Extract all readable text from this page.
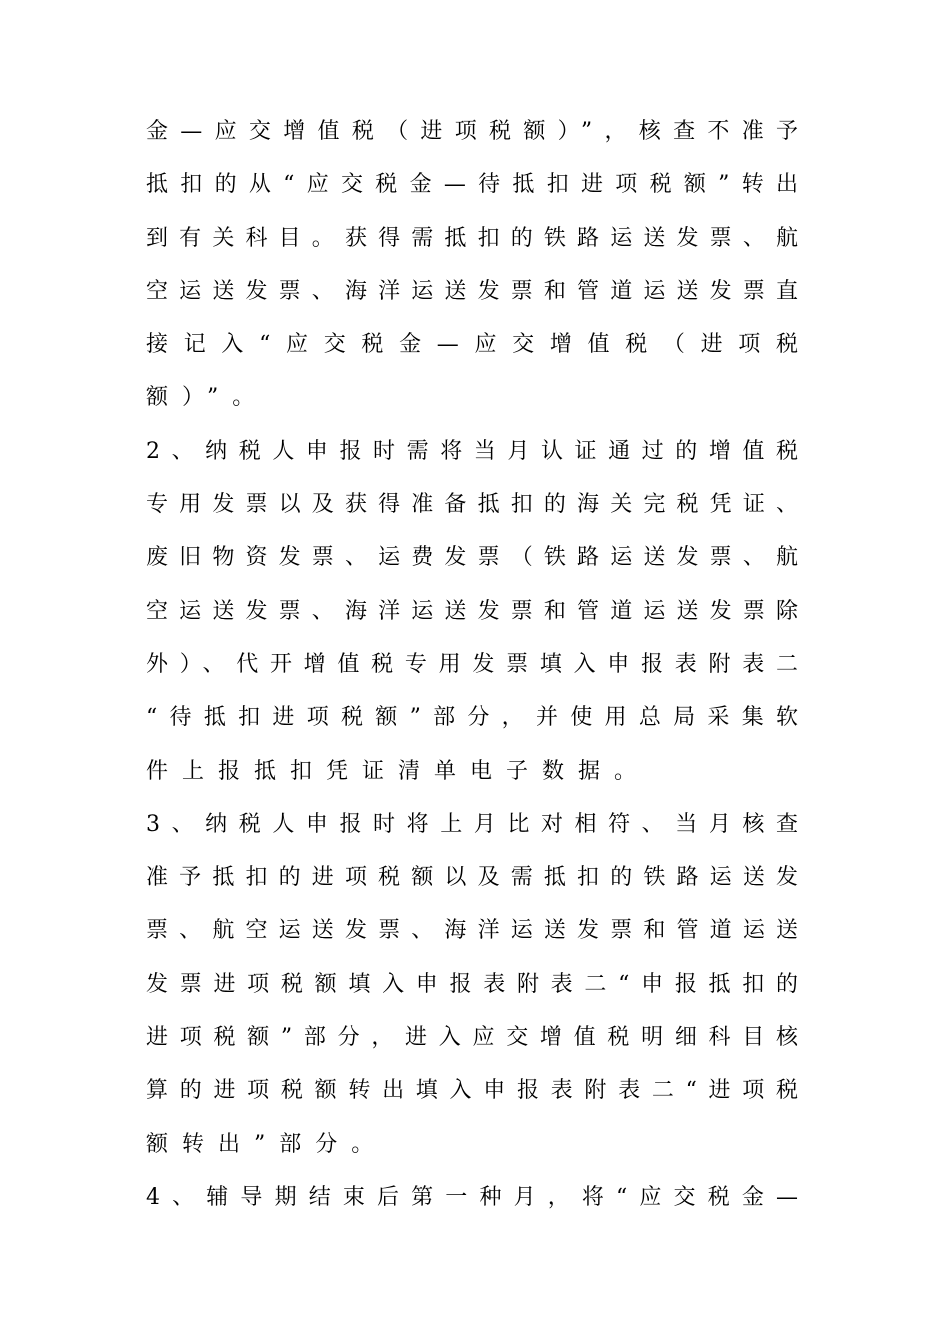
金—应交增值税（进项税额）”，核查不准予
抵扣的从“应交税金—待抵扣进项税额”转出
到有关科目。获得需抵扣的铁路运送发票、航
空运送发票、海洋运送发票和管道运送发票直
接记入“应交税金—应交增值税（进项税
额）”。
2、纳税人申报时需将当月认证通过的增值税
专用发票以及获得准备抵扣的海关完税凭证、
废旧物资发票、运费发票（铁路运送发票、航
空运送发票、海洋运送发票和管道运送发票除
外）、代开增值税专用发票填入申报表附表二
“待抵扣进项税额”部分，并使用总局采集软
件上报抵扣凭证清单电子数据。
3、纳税人申报时将上月比对相符、当月核查
准予抵扣的进项税额以及需抵扣的铁路运送发
票、航空运送发票、海洋运送发票和管道运送
发票进项税额填入申报表附表二“申报抵扣的
进项税额”部分，进入应交增值税明细科目核
算的进项税额转出填入申报表附表二“进项税
额转出”部分。
4、辅导期结束后第一种月，将“应交税金—
